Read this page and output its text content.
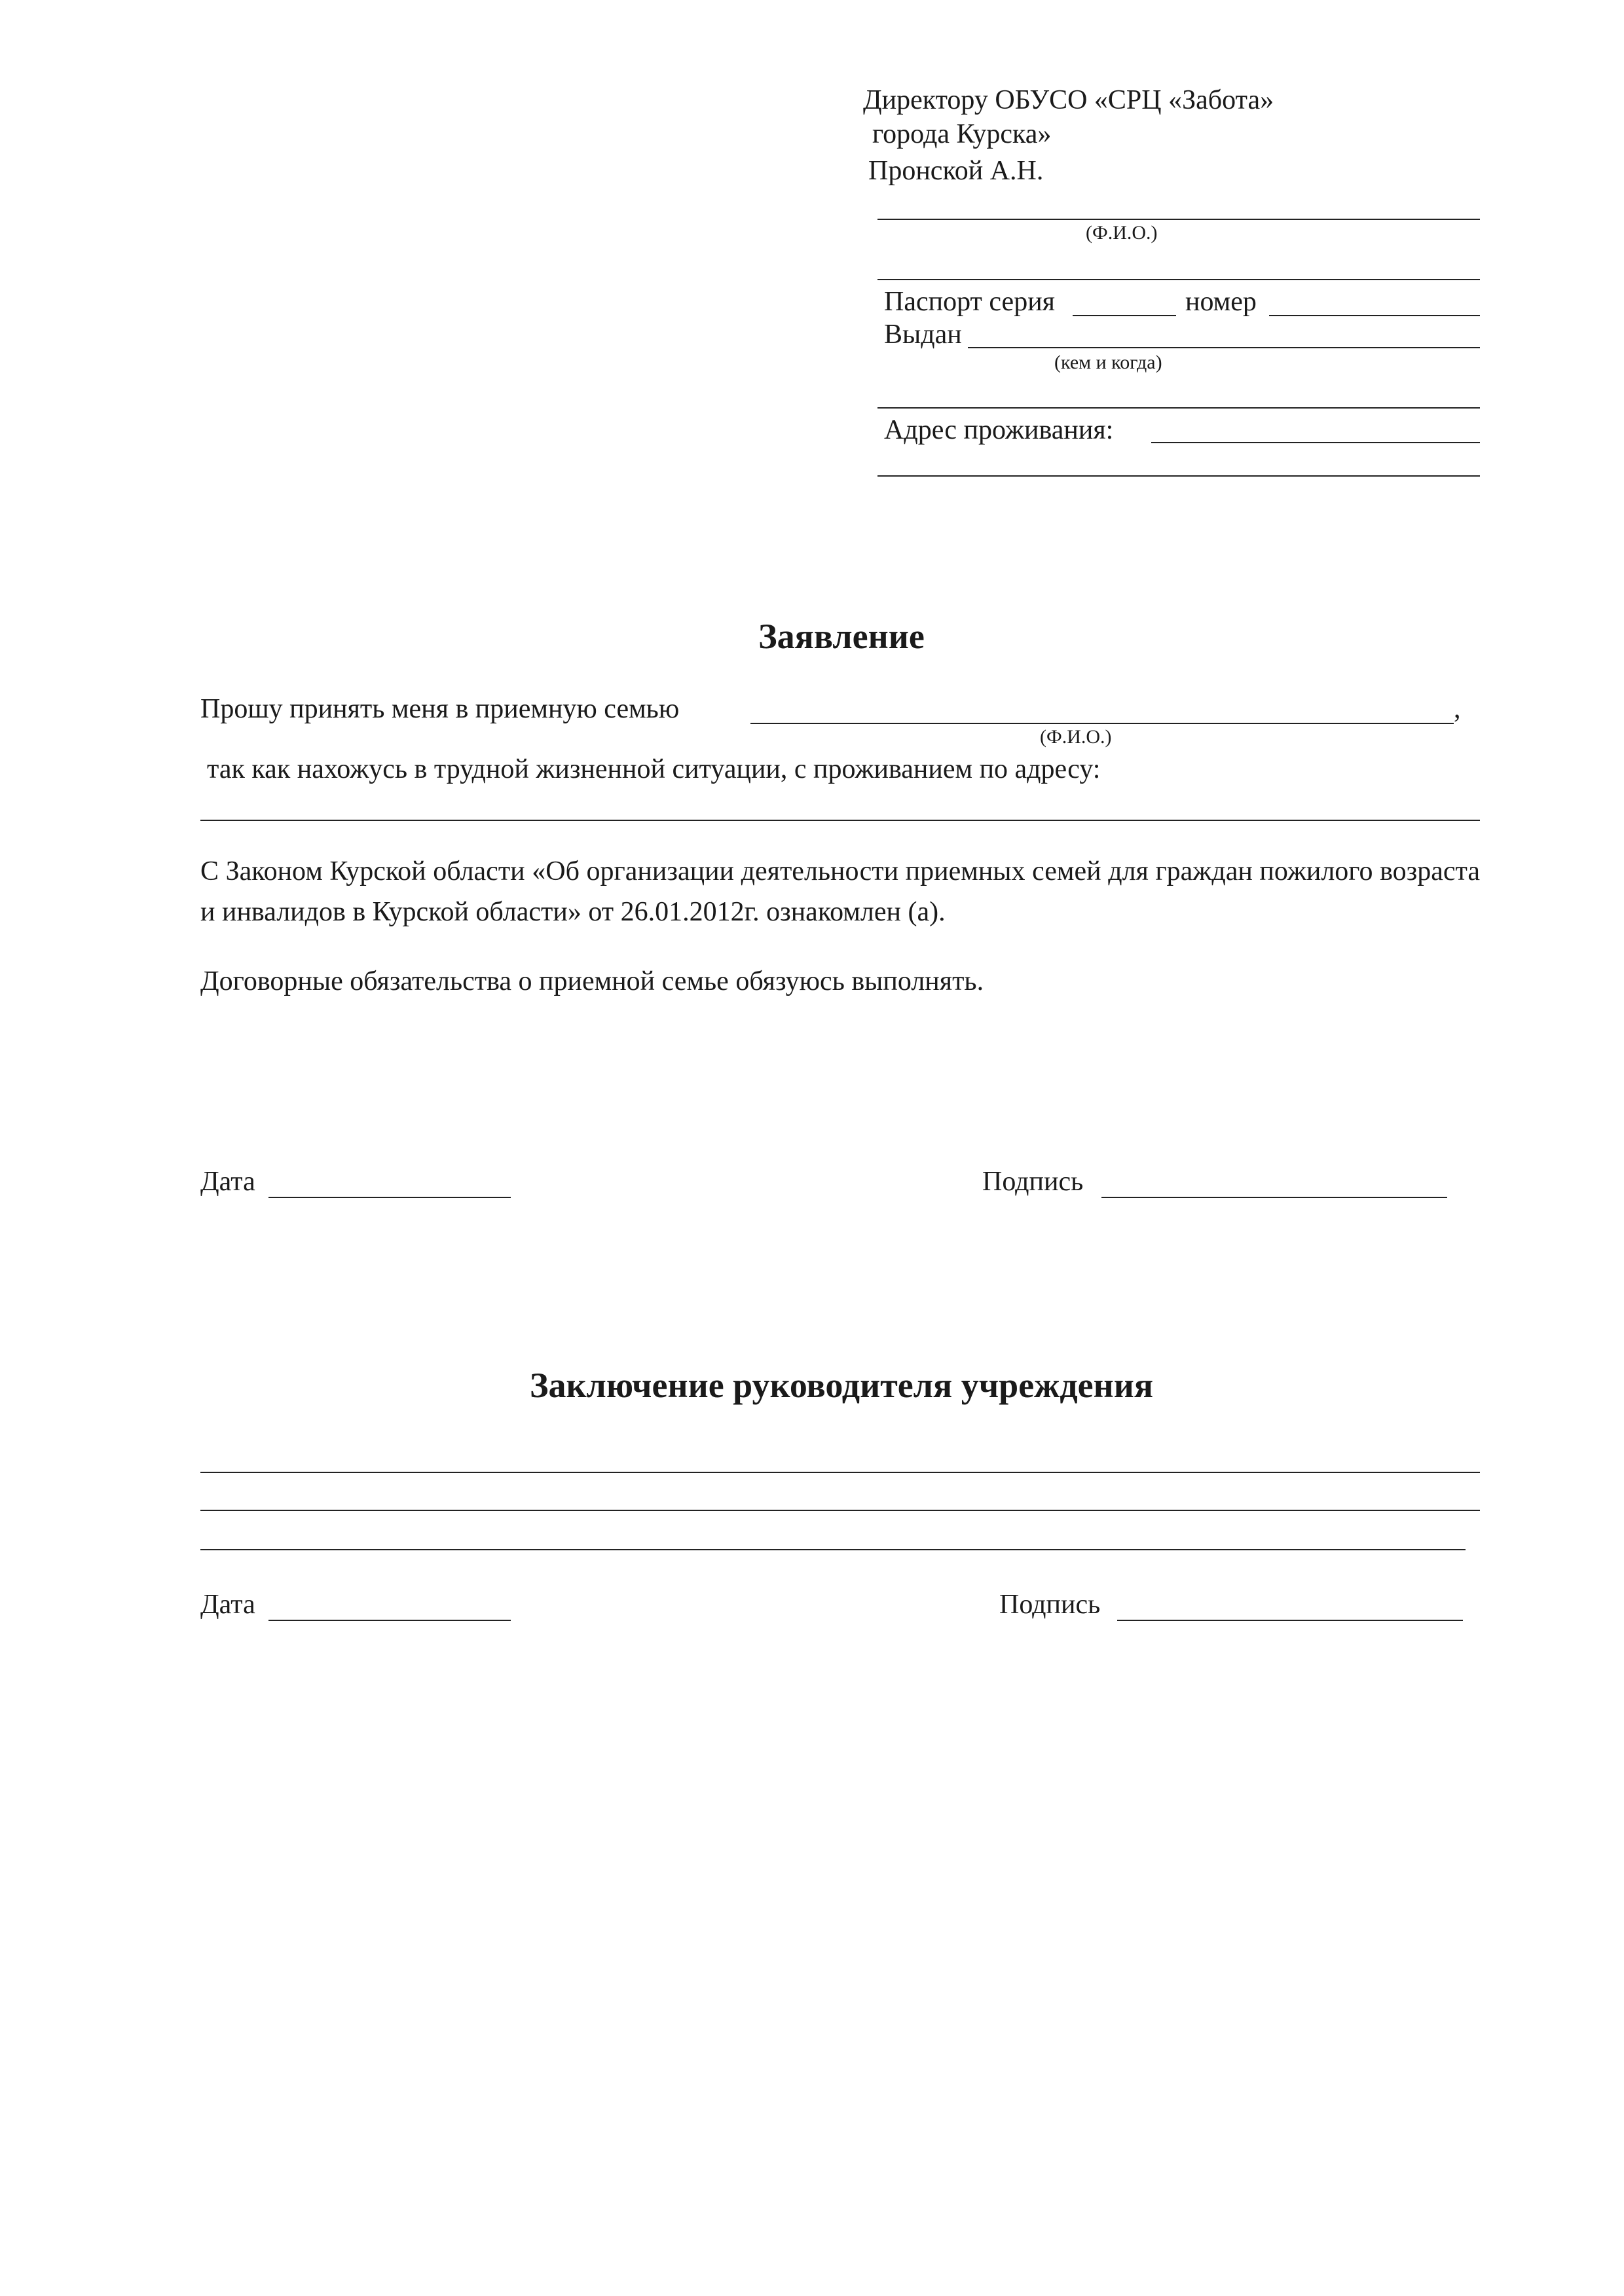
Директору ОБУСО «СРЦ «Забота»
города Курска»
Пронской А.Н.
(Ф.И.О.)
Паспорт серия	номер
Выдан
(кем и когда)
Адрес проживания:
Заявление
Прошу принять меня в приемную семью	,
(Ф.И.О.)
так как нахожусь в трудной жизненной ситуации, с проживанием по адресу:
С Законом Курской области «Об организации деятельности приемных семей для граждан пожилого возраста и инвалидов в Курской области» от 26.01.2012г. ознакомлен (а).
Договорные обязательства о приемной семье обязуюсь выполнять.
Дата	Подпись
Заключение руководителя учреждения
Дата	Подпись
